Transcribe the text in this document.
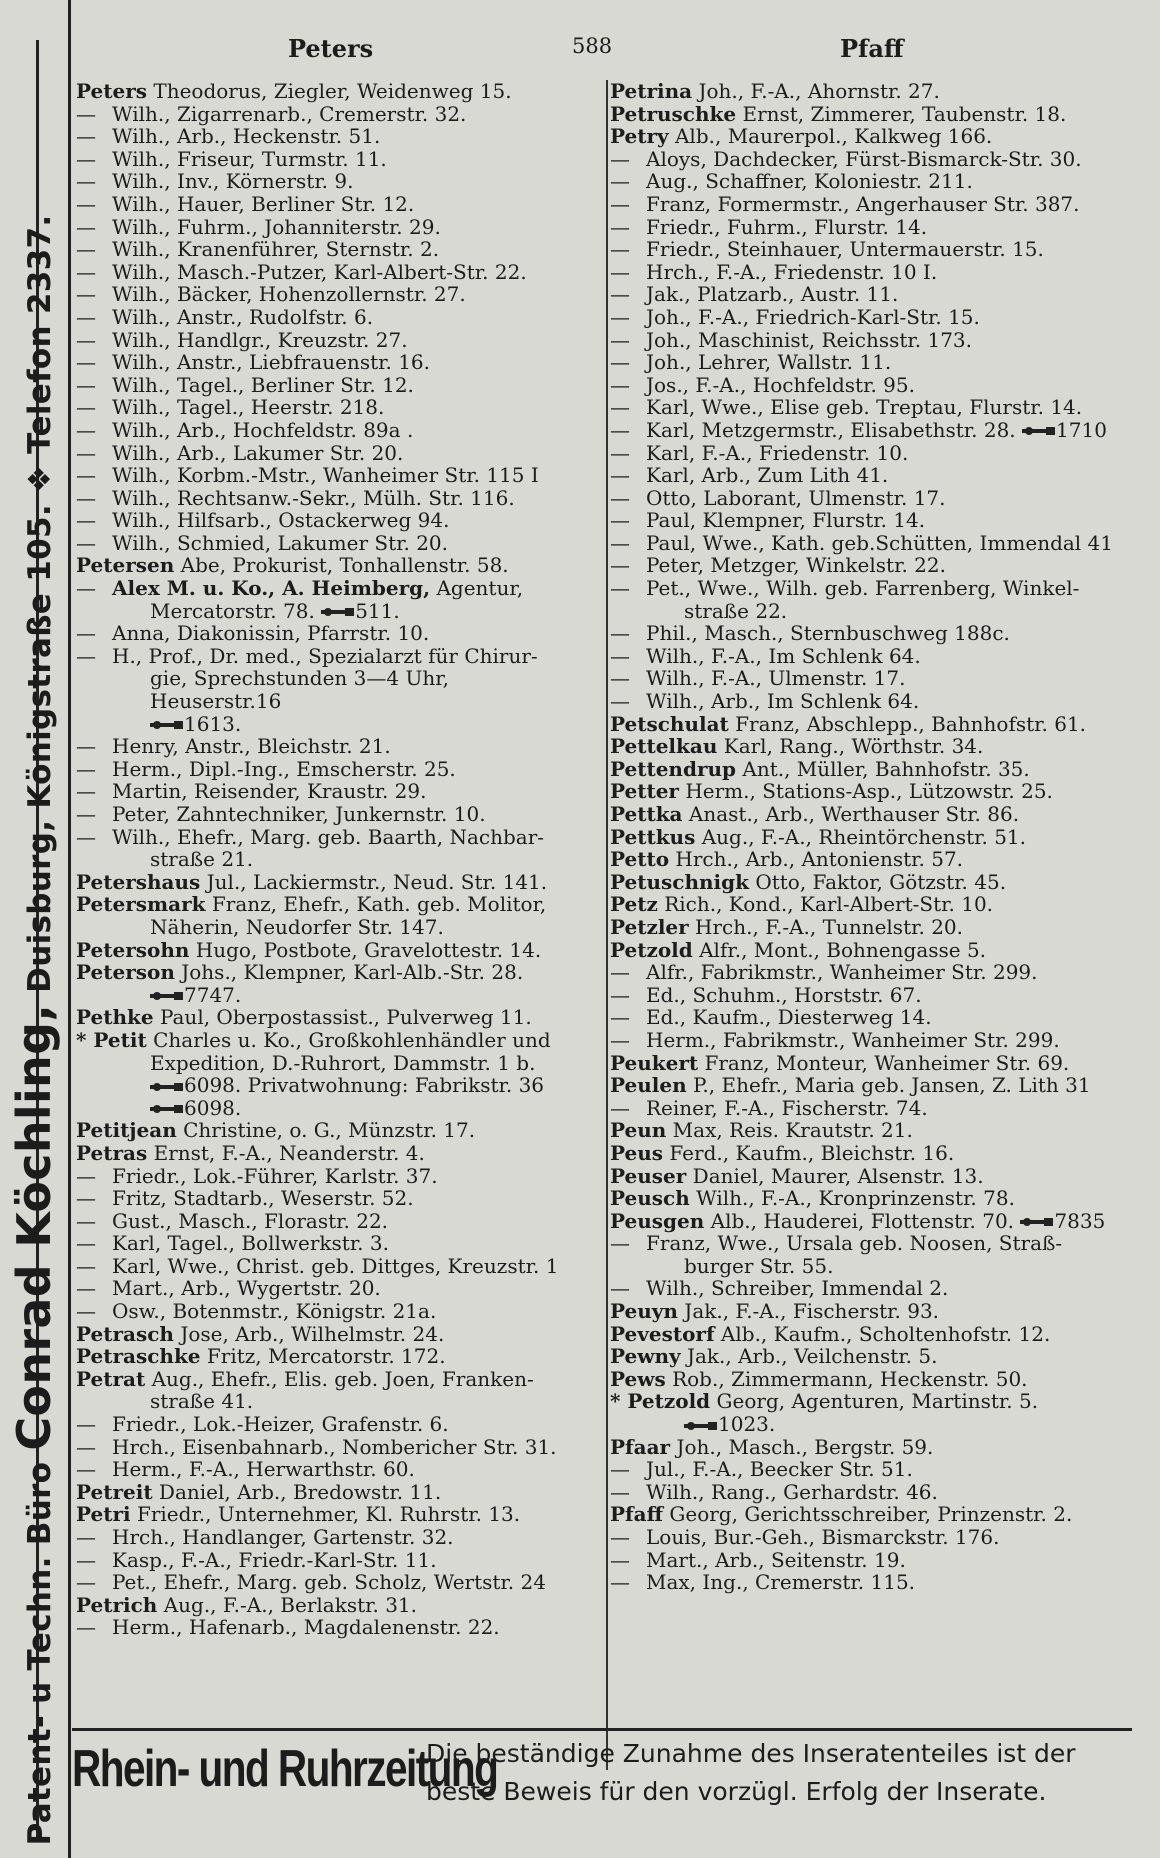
Patent- u Techn. Büro Conrad Köchling, Duisburg, Königstraße 105. ❖ Telefon 2337.
Peters	588	Pfaff
Peters Theodorus, Ziegler, Weidenweg 15.
—Wilh., Zigarrenarb., Cremerstr. 32.
—Wilh., Arb., Heckenstr. 51.
—Wilh., Friseur, Turmstr. 11.
—Wilh., Inv., Körnerstr. 9.
—Wilh., Hauer, Berliner Str. 12.
—Wilh., Fuhrm., Johanniterstr. 29.
—Wilh., Kranenführer, Sternstr. 2.
—Wilh., Masch.-Putzer, Karl-Albert-Str. 22.
—Wilh., Bäcker, Hohenzollernstr. 27.
—Wilh., Anstr., Rudolfstr. 6.
—Wilh., Handlgr., Kreuzstr. 27.
—Wilh., Anstr., Liebfrauenstr. 16.
—Wilh., Tagel., Berliner Str. 12.
—Wilh., Tagel., Heerstr. 218.
—Wilh., Arb., Hochfeldstr. 89a .
—Wilh., Arb., Lakumer Str. 20.
—Wilh., Korbm.-Mstr., Wanheimer Str. 115 I
—Wilh., Rechtsanw.-Sekr., Mülh. Str. 116.
—Wilh., Hilfsarb., Ostackerweg 94.
—Wilh., Schmied, Lakumer Str. 20.
Petersen Abe, Prokurist, Tonhallenstr. 58.
—Alex M. u. Ko., A. Heimberg, Agentur,
Mercatorstr. 78. 511.
—Anna, Diakonissin, Pfarrstr. 10.
—H., Prof., Dr. med., Spezialarzt für Chirur-
gie, Sprechstunden 3—4 Uhr, Heuserstr.16
1613.
—Henry, Anstr., Bleichstr. 21.
—Herm., Dipl.-Ing., Emscherstr. 25.
—Martin, Reisender, Kraustr. 29.
—Peter, Zahntechniker, Junkernstr. 10.
—Wilh., Ehefr., Marg. geb. Baarth, Nachbar-
straße 21.
Petershaus Jul., Lackiermstr., Neud. Str. 141.
Petersmark Franz, Ehefr., Kath. geb. Molitor,
Näherin, Neudorfer Str. 147.
Petersohn Hugo, Postbote, Gravelottestr. 14.
Peterson Johs., Klempner, Karl-Alb.-Str. 28.
7747.
Pethke Paul, Oberpostassist., Pulverweg 11.
* Petit Charles u. Ko., Großkohlenhändler und
Expedition, D.-Ruhrort, Dammstr. 1 b.
6098. Privatwohnung: Fabrikstr. 36
6098.
Petitjean Christine, o. G., Münzstr. 17.
Petras Ernst, F.-A., Neanderstr. 4.
—Friedr., Lok.-Führer, Karlstr. 37.
—Fritz, Stadtarb., Weserstr. 52.
—Gust., Masch., Florastr. 22.
—Karl, Tagel., Bollwerkstr. 3.
—Karl, Wwe., Christ. geb. Dittges, Kreuzstr. 1
—Mart., Arb., Wygertstr. 20.
—Osw., Botenmstr., Königstr. 21a.
Petrasch Jose, Arb., Wilhelmstr. 24.
Petraschke Fritz, Mercatorstr. 172.
Petrat Aug., Ehefr., Elis. geb. Joen, Franken-
straße 41.
—Friedr., Lok.-Heizer, Grafenstr. 6.
—Hrch., Eisenbahnarb., Nombericher Str. 31.
—Herm., F.-A., Herwarthstr. 60.
Petreit Daniel, Arb., Bredowstr. 11.
Petri Friedr., Unternehmer, Kl. Ruhrstr. 13.
—Hrch., Handlanger, Gartenstr. 32.
—Kasp., F.-A., Friedr.-Karl-Str. 11.
—Pet., Ehefr., Marg. geb. Scholz, Wertstr. 24
Petrich Aug., F.-A., Berlakstr. 31.
—Herm., Hafenarb., Magdalenenstr. 22.
Petrina Joh., F.-A., Ahornstr. 27.
Petruschke Ernst, Zimmerer, Taubenstr. 18.
Petry Alb., Maurerpol., Kalkweg 166.
—Aloys, Dachdecker, Fürst-Bismarck-Str. 30.
—Aug., Schaffner, Koloniestr. 211.
—Franz, Formermstr., Angerhauser Str. 387.
—Friedr., Fuhrm., Flurstr. 14.
—Friedr., Steinhauer, Untermauerstr. 15.
—Hrch., F.-A., Friedenstr. 10 I.
—Jak., Platzarb., Austr. 11.
—Joh., F.-A., Friedrich-Karl-Str. 15.
—Joh., Maschinist, Reichsstr. 173.
—Joh., Lehrer, Wallstr. 11.
—Jos., F.-A., Hochfeldstr. 95.
—Karl, Wwe., Elise geb. Treptau, Flurstr. 14.
—Karl, Metzgermstr., Elisabethstr. 28. 1710
—Karl, F.-A., Friedenstr. 10.
—Karl, Arb., Zum Lith 41.
—Otto, Laborant, Ulmenstr. 17.
—Paul, Klempner, Flurstr. 14.
—Paul, Wwe., Kath. geb.Schütten, Immendal 41
—Peter, Metzger, Winkelstr. 22.
—Pet., Wwe., Wilh. geb. Farrenberg, Winkel-
straße 22.
—Phil., Masch., Sternbuschweg 188c.
—Wilh., F.-A., Im Schlenk 64.
—Wilh., F.-A., Ulmenstr. 17.
—Wilh., Arb., Im Schlenk 64.
Petschulat Franz, Abschlepp., Bahnhofstr. 61.
Pettelkau Karl, Rang., Wörthstr. 34.
Pettendrup Ant., Müller, Bahnhofstr. 35.
Petter Herm., Stations-Asp., Lützowstr. 25.
Pettka Anast., Arb., Werthauser Str. 86.
Pettkus Aug., F.-A., Rheintörchenstr. 51.
Petto Hrch., Arb., Antonienstr. 57.
Petuschnigk Otto, Faktor, Götzstr. 45.
Petz Rich., Kond., Karl-Albert-Str. 10.
Petzler Hrch., F.-A., Tunnelstr. 20.
Petzold Alfr., Mont., Bohnengasse 5.
—Alfr., Fabrikmstr., Wanheimer Str. 299.
—Ed., Schuhm., Horststr. 67.
—Ed., Kaufm., Diesterweg 14.
—Herm., Fabrikmstr., Wanheimer Str. 299.
Peukert Franz, Monteur, Wanheimer Str. 69.
Peulen P., Ehefr., Maria geb. Jansen, Z. Lith 31
—Reiner, F.-A., Fischerstr. 74.
Peun Max, Reis. Krautstr. 21.
Peus Ferd., Kaufm., Bleichstr. 16.
Peuser Daniel, Maurer, Alsenstr. 13.
Peusch Wilh., F.-A., Kronprinzenstr. 78.
Peusgen Alb., Hauderei, Flottenstr. 70. 7835
—Franz, Wwe., Ursala geb. Noosen, Straß-
burger Str. 55.
—Wilh., Schreiber, Immendal 2.
Peuyn Jak., F.-A., Fischerstr. 93.
Pevestorf Alb., Kaufm., Scholtenhofstr. 12.
Pewny Jak., Arb., Veilchenstr. 5.
Pews Rob., Zimmermann, Heckenstr. 50.
* Petzold Georg, Agenturen, Martinstr. 5.
1023.
Pfaar Joh., Masch., Bergstr. 59.
—Jul., F.-A., Beecker Str. 51.
—Wilh., Rang., Gerhardstr. 46.
Pfaff Georg, Gerichtsschreiber, Prinzenstr. 2.
—Louis, Bur.-Geh., Bismarckstr. 176.
—Mart., Arb., Seitenstr. 19.
—Max, Ing., Cremerstr. 115.
Rhein- und Ruhrzeitung
Die beständige Zunahme des Inseratenteiles ist der
beste Beweis für den vorzügl. Erfolg der Inserate.
